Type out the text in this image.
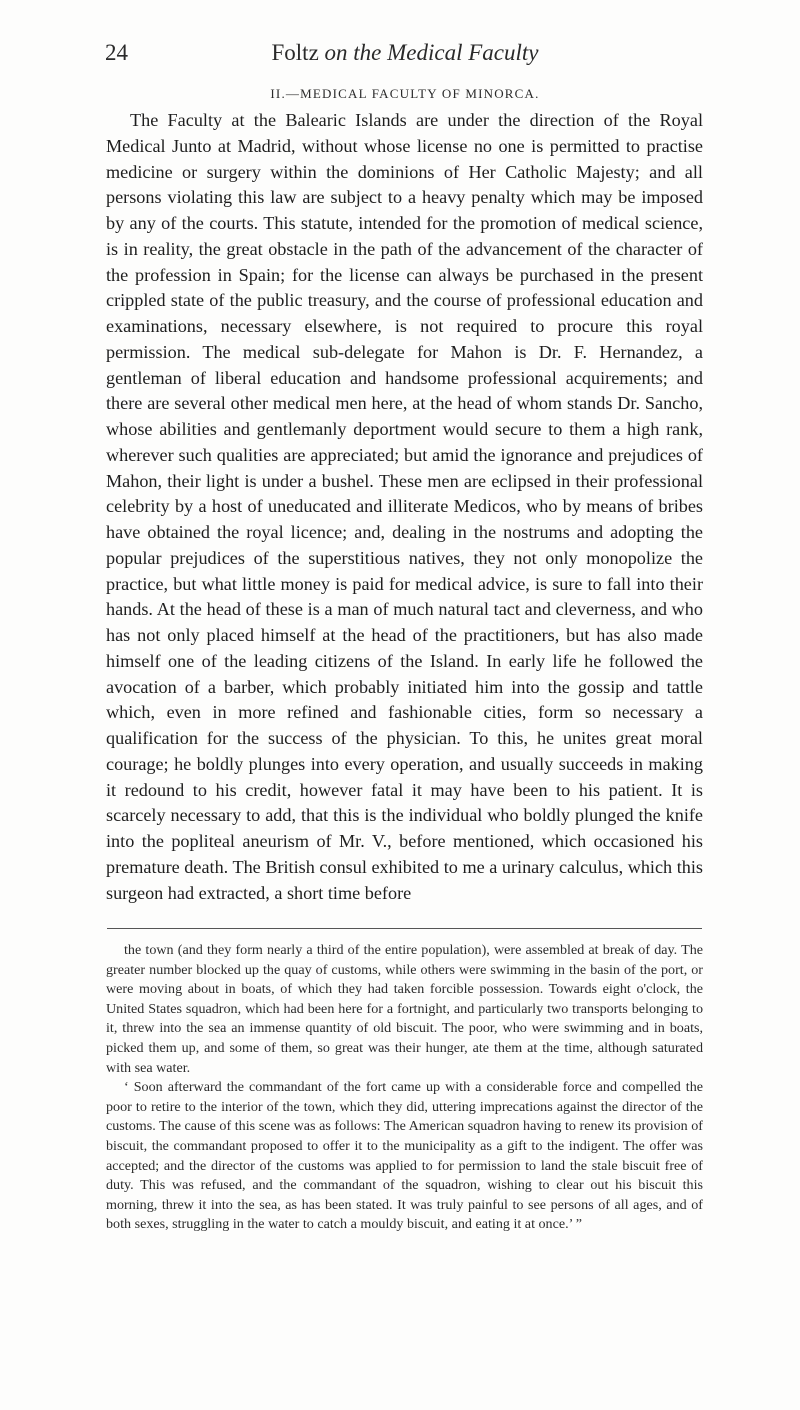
24	Foltz on the Medical Faculty
II.—MEDICAL FACULTY OF MINORCA.
The Faculty at the Balearic Islands are under the direction of the Royal Medical Junto at Madrid, without whose license no one is permitted to practise medicine or surgery within the dominions of Her Catholic Majesty; and all persons violating this law are subject to a heavy penalty which may be imposed by any of the courts. This statute, intended for the promotion of medical science, is in reality, the great obstacle in the path of the advancement of the character of the profession in Spain; for the license can always be purchased in the present crippled state of the public treasury, and the course of professional education and examinations, necessary elsewhere, is not required to procure this royal permission. The medical sub-delegate for Mahon is Dr. F. Hernandez, a gentleman of liberal education and handsome professional acquirements; and there are several other medical men here, at the head of whom stands Dr. Sancho, whose abilities and gentlemanly deportment would secure to them a high rank, wherever such qualities are appreciated; but amid the ignorance and prejudices of Mahon, their light is under a bushel. These men are eclipsed in their professional celebrity by a host of uneducated and illiterate Medicos, who by means of bribes have obtained the royal licence; and, dealing in the nostrums and adopting the popular prejudices of the superstitious natives, they not only monopolize the practice, but what little money is paid for medical advice, is sure to fall into their hands. At the head of these is a man of much natural tact and cleverness, and who has not only placed himself at the head of the practitioners, but has also made himself one of the leading citizens of the Island. In early life he followed the avocation of a barber, which probably initiated him into the gossip and tattle which, even in more refined and fashionable cities, form so necessary a qualification for the success of the physician. To this, he unites great moral courage; he boldly plunges into every operation, and usually succeeds in making it redound to his credit, however fatal it may have been to his patient. It is scarcely necessary to add, that this is the individual who boldly plunged the knife into the popliteal aneurism of Mr. V., before mentioned, which occasioned his premature death. The British consul exhibited to me a urinary calculus, which this surgeon had extracted, a short time before

the town (and they form nearly a third of the entire population), were assembled at break of day. The greater number blocked up the quay of customs, while others were swimming in the basin of the port, or were moving about in boats, of which they had taken forcible possession. Towards eight o'clock, the United States squadron, which had been here for a fortnight, and particularly two transports belonging to it, threw into the sea an immense quantity of old biscuit. The poor, who were swimming and in boats, picked them up, and some of them, so great was their hunger, ate them at the time, although saturated with sea water.

‘ Soon afterward the commandant of the fort came up with a considerable force and compelled the poor to retire to the interior of the town, which they did, uttering imprecations against the director of the customs. The cause of this scene was as follows: The American squadron having to renew its provision of biscuit, the commandant proposed to offer it to the municipality as a gift to the indigent. The offer was accepted; and the director of the customs was applied to for permission to land the stale biscuit free of duty. This was refused, and the commandant of the squadron, wishing to clear out his biscuit this morning, threw it into the sea, as has been stated. It was truly painful to see persons of all ages, and of both sexes, struggling in the water to catch a mouldy biscuit, and eating it at once.’ ”
